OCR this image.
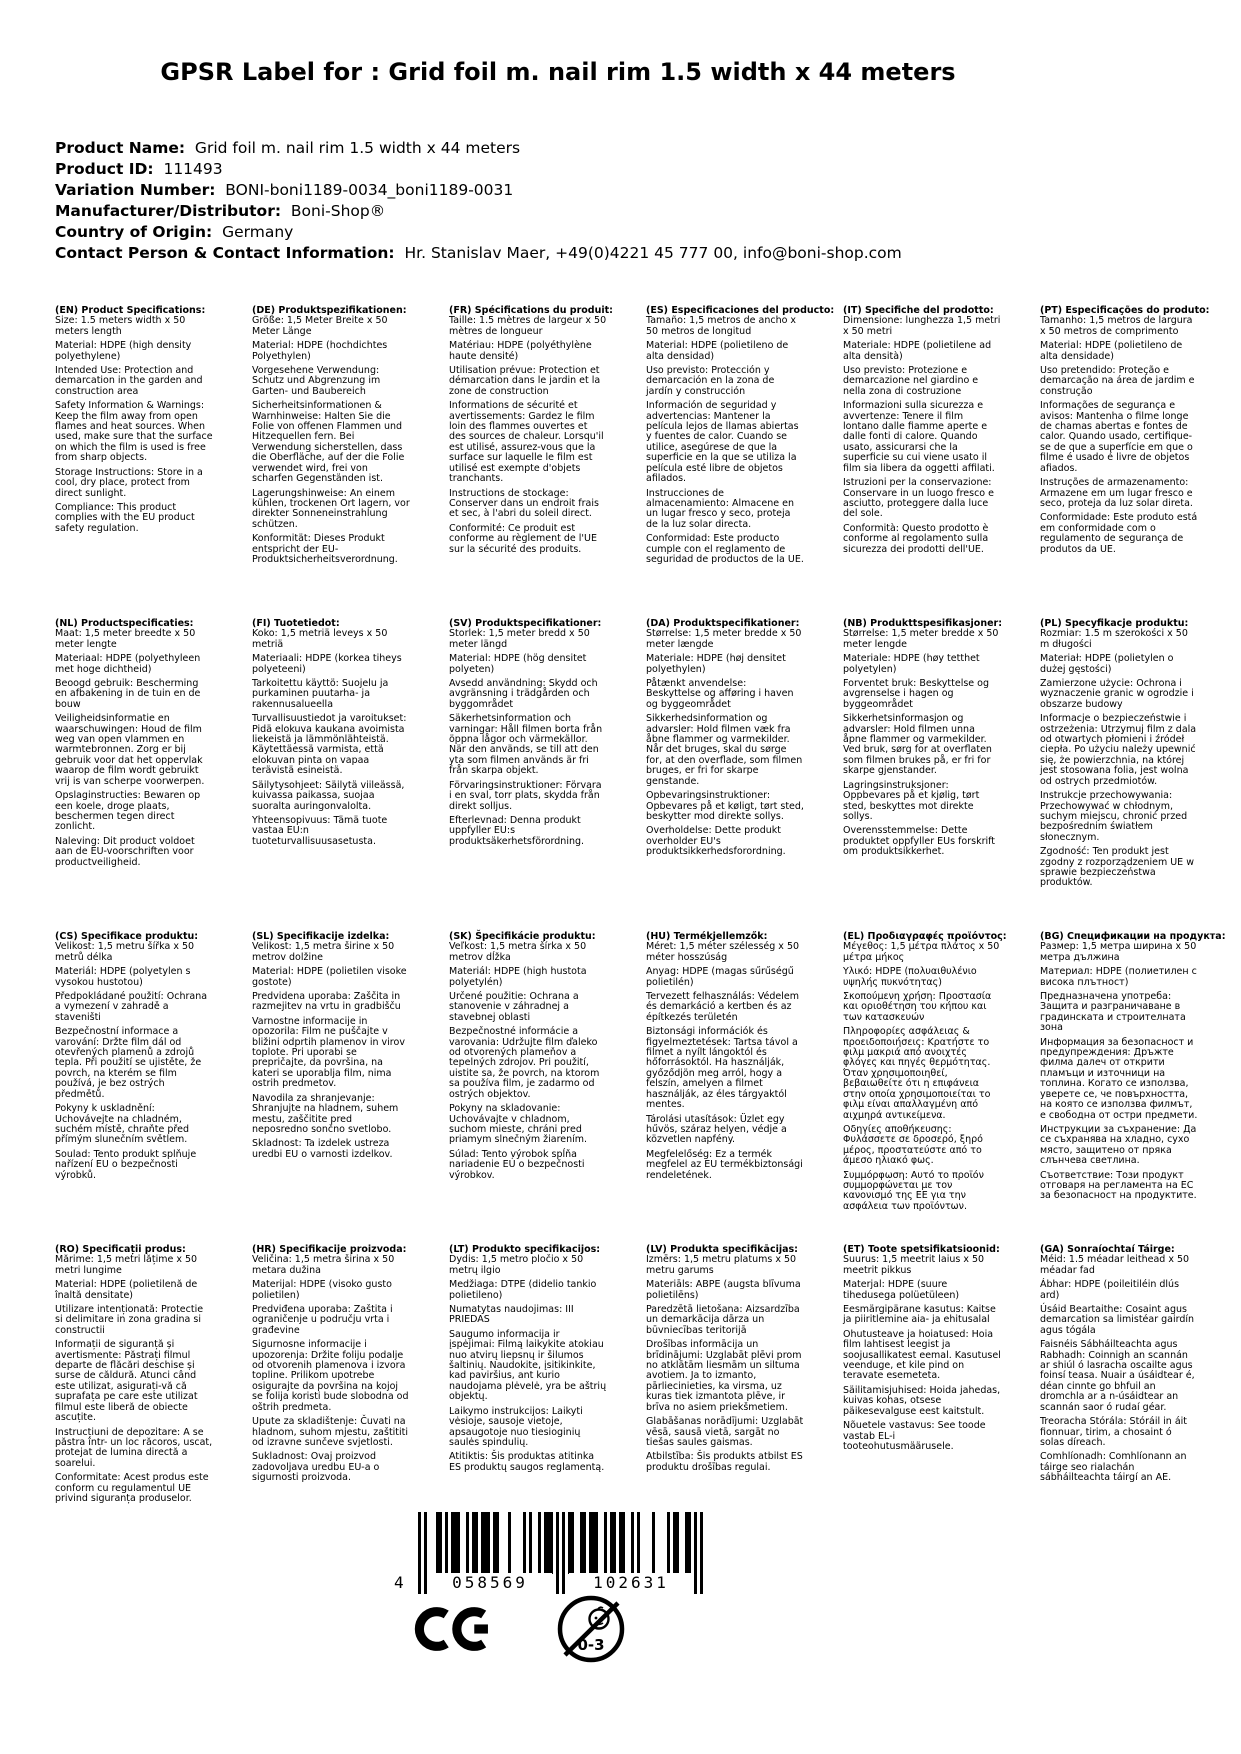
GPSR Label for : Grid foil m. nail rim 1.5 width x 44 meters
Product Name:  Grid foil m. nail rim 1.5 width x 44 meters
Product ID:  111493
Variation Number:  BONI-boni1189-0034_boni1189-0031
Manufacturer/Distributor:  Boni-Shop®
Country of Origin:  Germany
Contact Person & Contact Information:  Hr. Stanislav Maer, +49(0)4221 45 777 00, info@boni-shop.com
(EN) Product Specifications:

Size: 1.5 meters width x 50 meters length

Material: HDPE (high density polyethylene)

Intended Use: Protection and demarcation in the garden and construction area

Safety Information & Warnings: Keep the film away from open flames and heat sources. When used, make sure that the surface on which the film is used is free from sharp objects.

Storage Instructions: Store in a cool, dry place, protect from direct sunlight.

Compliance: This product complies with the EU product safety regulation.

(DE) Produktspezifikationen:

Größe: 1,5 Meter Breite x 50 Meter Länge

Material: HDPE (hochdichtes Polyethylen)

Vorgesehene Verwendung: Schutz und Abgrenzung im Garten- und Baubereich

Sicherheitsinformationen & Warnhinweise: Halten Sie die Folie von offenen Flammen und Hitzequellen fern. Bei Verwendung sicherstellen, dass die Oberfläche, auf der die Folie verwendet wird, frei von scharfen Gegenständen ist.

Lagerungshinweise: An einem kühlen, trockenen Ort lagern, vor direkter Sonneneinstrahlung schützen.

Konformität: Dieses Produkt entspricht der EU-Produktsicherheitsverordnung.

(FR) Spécifications du produit:

Taille: 1.5 mètres de largeur x 50 mètres de longueur

Matériau: HDPE (polyéthylène haute densité)

Utilisation prévue: Protection et démarcation dans le jardin et la zone de construction

Informations de sécurité et avertissements: Gardez le film loin des flammes ouvertes et des sources de chaleur. Lorsqu'il est utilisé, assurez-vous que la surface sur laquelle le film est utilisé est exempte d'objets tranchants.

Instructions de stockage: Conserver dans un endroit frais et sec, à l'abri du soleil direct.

Conformité: Ce produit est conforme au règlement de l'UE sur la sécurité des produits.

(ES) Especificaciones del producto:

Tamaño: 1,5 metros de ancho x 50 metros de longitud

Material: HDPE (polietileno de alta densidad)

Uso previsto: Protección y demarcación en la zona de jardín y construcción

Información de seguridad y advertencias: Mantener la película lejos de llamas abiertas y fuentes de calor. Cuando se utilice, asegúrese de que la superficie en la que se utiliza la película esté libre de objetos afilados.

Instrucciones de almacenamiento: Almacene en un lugar fresco y seco, proteja de la luz solar directa.

Conformidad: Este producto cumple con el reglamento de seguridad de productos de la UE.

(IT) Specifiche del prodotto:

Dimensione: lunghezza 1,5 metri x 50 metri

Materiale: HDPE (polietilene ad alta densità)

Uso previsto: Protezione e demarcazione nel giardino e nella zona di costruzione

Informazioni sulla sicurezza e avvertenze: Tenere il film lontano dalle fiamme aperte e dalle fonti di calore. Quando usato, assicurarsi che la superficie su cui viene usato il film sia libera da oggetti affilati.

Istruzioni per la conservazione: Conservare in un luogo fresco e asciutto, proteggere dalla luce del sole.

Conformità: Questo prodotto è conforme al regolamento sulla sicurezza dei prodotti dell'UE.

(PT) Especificações do produto:

Tamanho: 1,5 metros de largura x 50 metros de comprimento

Material: HDPE (polietileno de alta densidade)

Uso pretendido: Proteção e demarcação na área de jardim e construção

Informações de segurança e avisos: Mantenha o filme longe de chamas abertas e fontes de calor. Quando usado, certifique-se de que a superfície em que o filme é usado é livre de objetos afiados.

Instruções de armazenamento: Armazene em um lugar fresco e seco, proteja da luz solar direta.

Conformidade: Este produto está em conformidade com o regulamento de segurança de produtos da UE.

(NL) Productspecificaties:

Maat: 1,5 meter breedte x 50 meter lengte

Materiaal: HDPE (polyethyleen met hoge dichtheid)

Beoogd gebruik: Bescherming en afbakening in de tuin en de bouw

Veiligheidsinformatie en waarschuwingen: Houd de film weg van open vlammen en warmtebronnen. Zorg er bij gebruik voor dat het oppervlak waarop de film wordt gebruikt vrij is van scherpe voorwerpen.

Opslaginstructies: Bewaren op een koele, droge plaats, beschermen tegen direct zonlicht.

Naleving: Dit product voldoet aan de EU-voorschriften voor productveiligheid.

(FI) Tuotetiedot:

Koko: 1,5 metriä leveys x 50 metriä

Materiaali: HDPE (korkea tiheys polyeteeni)

Tarkoitettu käyttö: Suojelu ja purkaminen puutarha- ja rakennusalueella

Turvallisuustiedot ja varoitukset: Pidä elokuva kaukana avoimista liekeistä ja lämmönlähteistä. Käytettäessä varmista, että elokuvan pinta on vapaa terävistä esineistä.

Säilytysohjeet: Säilytä viileässä, kuivassa paikassa, suojaa suoralta auringonvalolta.

Yhteensopivuus: Tämä tuote vastaa EU:n tuoteturvallisuusasetusta.

(SV) Produktspecifikationer:

Storlek: 1,5 meter bredd x 50 meter längd

Material: HDPE (hög densitet polyeten)

Avsedd användning: Skydd och avgränsning i trädgården och byggområdet

Säkerhetsinformation och varningar: Håll filmen borta från öppna lågor och värmekällor. När den används, se till att den yta som filmen används är fri från skarpa objekt.

Förvaringsinstruktioner: Förvara i en sval, torr plats, skydda från direkt solljus.

Efterlevnad: Denna produkt uppfyller EU:s produktsäkerhetsförordning.

(DA) Produktspecifikationer:

Størrelse: 1,5 meter bredde x 50 meter længde

Materiale: HDPE (høj densitet polyethylen)

Påtænkt anvendelse: Beskyttelse og afføring i haven og byggeområdet

Sikkerhedsinformation og advarsler: Hold filmen væk fra åbne flammer og varmekilder. Når det bruges, skal du sørge for, at den overflade, som filmen bruges, er fri for skarpe genstande.

Opbevaringsinstruktioner: Opbevares på et køligt, tørt sted, beskytter mod direkte sollys.

Overholdelse: Dette produkt overholder EU's produktsikkerhedsforordning.

(NB) Produkttspesifikasjoner:

Størrelse: 1,5 meter bredde x 50 meter lengde

Materiale: HDPE (høy tetthet polyetylen)

Forventet bruk: Beskyttelse og avgrenselse i hagen og byggeområdet

Sikkerhetsinformasjon og advarsler: Hold filmen unna åpne flammer og varmekilder. Ved bruk, sørg for at overflaten som filmen brukes på, er fri for skarpe gjenstander.

Lagringsinstruksjoner: Oppbevares på et kjølig, tørt sted, beskyttes mot direkte sollys.

Overensstemmelse: Dette produktet oppfyller EUs forskrift om produktsikkerhet.

(PL) Specyfikacje produktu:

Rozmiar: 1.5 m szerokości x 50 m długości

Materiał: HDPE (polietylen o dużej gęstości)

Zamierzone użycie: Ochrona i wyznaczenie granic w ogrodzie i obszarze budowy

Informacje o bezpieczeństwie i ostrzeżenia: Utrzymuj film z dala od otwartych płomieni i źródeł ciepła. Po użyciu należy upewnić się, że powierzchnia, na której jest stosowana folia, jest wolna od ostrych przedmiotów.

Instrukcje przechowywania: Przechowywać w chłodnym, suchym miejscu, chronić przed bezpośrednim światłem słonecznym.

Zgodność: Ten produkt jest zgodny z rozporządzeniem UE w sprawie bezpieczeństwa produktów.

(CS) Specifikace produktu:

Velikost: 1,5 metru šířka x 50 metrů délka

Materiál: HDPE (polyetylen s vysokou hustotou)

Předpokládané použití: Ochrana a vymezení v zahradě a staveništi

Bezpečnostní informace a varování: Držte film dál od otevřených plamenů a zdrojů tepla. Při použití se ujistěte, že povrch, na kterém se film používá, je bez ostrých předmětů.

Pokyny k uskladnění: Uchovávejte na chladném, suchém místě, chraňte před přímým slunečním světlem.

Soulad: Tento produkt splňuje nařízení EU o bezpečnosti výrobků.

(SL) Specifikacije izdelka:

Velikost: 1,5 metra širine x 50 metrov dolžine

Material: HDPE (polietilen visoke gostote)

Predvidena uporaba: Zaščita in razmejitev na vrtu in gradbišču

Varnostne informacije in opozorila: Film ne puščajte v bližini odprtih plamenov in virov toplote. Pri uporabi se prepričajte, da površina, na kateri se uporablja film, nima ostrih predmetov.

Navodila za shranjevanje: Shranjujte na hladnem, suhem mestu, zaščitite pred neposredno sončno svetlobo.

Skladnost: Ta izdelek ustreza uredbi EU o varnosti izdelkov.

(SK) Špecifikácie produktu:

Veľkost: 1,5 metra šírka x 50 metrov dĺžka

Materiál: HDPE (high hustota polyetylén)

Určené použitie: Ochrana a stanovenie v záhradnej a stavebnej oblasti

Bezpečnostné informácie a varovania: Udržujte film ďaleko od otvorených plameňov a tepelných zdrojov. Pri použití, uistite sa, že povrch, na ktorom sa používa film, je zadarmo od ostrých objektov.

Pokyny na skladovanie: Uchovávajte v chladnom, suchom mieste, chráni pred priamym slnečným žiarením.

Súlad: Tento výrobok spĺňa nariadenie EÚ o bezpečnosti výrobkov.

(HU) Termékjellemzők:

Méret: 1,5 méter szélesség x 50 méter hosszúság

Anyag: HDPE (magas sűrűségű polietilén)

Tervezett felhasználás: Védelem és demarkáció a kertben és az építkezés területén

Biztonsági információk és figyelmeztetések: Tartsa távol a filmet a nyílt lángoktól és hőforrásoktól. Ha használják, győződjön meg arról, hogy a felszín, amelyen a filmet használják, az éles tárgyaktól mentes.

Tárolási utasítások: Üzlet egy hűvös, száraz helyen, védje a közvetlen napfény.

Megfelelőség: Ez a termék megfelel az EU termékbiztonsági rendeletének.

(EL) Προδιαγραφές προϊόντος:

Μέγεθος: 1,5 μέτρα πλάτος x 50 μέτρα μήκος

Υλικό: HDPE (πολυαιθυλένιο υψηλής πυκνότητας)

Σκοπούμενη χρήση: Προστασία και οριοθέτηση του κήπου και των κατασκευών

Πληροφορίες ασφάλειας & προειδοποιήσεις: Κρατήστε το φιλμ μακριά από ανοιχτές φλόγες και πηγές θερμότητας. Όταν χρησιμοποιηθεί, βεβαιωθείτε ότι η επιφάνεια στην οποία χρησιμοποιείται το φιλμ είναι απαλλαγμένη από αιχμηρά αντικείμενα.

Οδηγίες αποθήκευσης: Φυλάσσετε σε δροσερό, ξηρό μέρος, προστατεύστε από το άμεσο ηλιακό φως.

Συμμόρφωση: Αυτό το προϊόν συμμορφώνεται με τον κανονισμό της ΕΕ για την ασφάλεια των προϊόντων.

(BG) Спецификации на продукта:

Размер: 1,5 метра ширина x 50 метра дължина

Материал: HDPE (полиетилен с висока плътност)

Предназначена употреба: Защита и разграничаване в градинската и строителната зона

Информация за безопасност и предупреждения: Дръжте филма далеч от открити пламъци и източници на топлина. Когато се използва, уверете се, че повърхността, на която се използва филмът, е свободна от остри предмети.

Инструкции за съхранение: Да се съхранява на хладно, сухо място, защитено от пряка слънчева светлина.

Съответствие: Този продукт отговаря на регламента на ЕС за безопасност на продуктите.

(RO) Specificații produs:

Mărime: 1,5 metri lățime x 50 metri lungime

Material: HDPE (polietilenă de înaltă densitate)

Utilizare intenționată: Protectie si delimitare in zona gradina si constructii

Informații de siguranță și avertismente: Păstrați filmul departe de flăcări deschise și surse de căldură. Atunci când este utilizat, asigurați-vă că suprafața pe care este utilizat filmul este liberă de obiecte ascuțite.

Instrucțiuni de depozitare: A se păstra într- un loc răcoros, uscat, protejat de lumina directă a soarelui.

Conformitate: Acest produs este conform cu regulamentul UE privind siguranța produselor.

(HR) Specifikacije proizvoda:

Veličina: 1,5 metra širina x 50 metara dužina

Materijal: HDPE (visoko gusto polietilen)

Predviđena uporaba: Zaštita i ograničenje u području vrta i građevine

Sigurnosne informacije i upozorenja: Držite foliju podalje od otvorenih plamenova i izvora topline. Prilikom upotrebe osigurajte da površina na kojoj se folija koristi bude slobodna od oštrih predmeta.

Upute za skladištenje: Čuvati na hladnom, suhom mjestu, zaštititi od izravne sunčeve svjetlosti.

Sukladnost: Ovaj proizvod zadovoljava uredbu EU-a o sigurnosti proizvoda.

(LT) Produkto specifikacijos:

Dydis: 1,5 metro pločio x 50 metrų ilgio

Medžiaga: DTPE (didelio tankio polietileno)

Numatytas naudojimas: III PRIEDAS

Saugumo informacija ir įspėjimai: Filmą laikykite atokiau nuo atvirų liepsnų ir šilumos šaltinių. Naudokite, įsitikinkite, kad paviršius, ant kurio naudojama plėvelė, yra be aštrių objektų.

Laikymo instrukcijos: Laikyti vėsioje, sausoje vietoje, apsaugotoje nuo tiesioginių saulės spindulių.

Atitiktis: Šis produktas atitinka ES produktų saugos reglamentą.

(LV) Produkta specifikācijas:

Izmērs: 1,5 metru platums x 50 metru garums

Materiāls: ABPE (augsta blīvuma polietilēns)

Paredzētā lietošana: Aizsardzība un demarkācija dārza un būvniecības teritorijā

Drošības informācija un brīdinājumi: Uzglabāt plēvi prom no atklātām liesmām un siltuma avotiem. Ja to izmanto, pārliecinieties, ka virsma, uz kuras tiek izmantota plēve, ir brīva no asiem priekšmetiem.

Glabāšanas norādījumi: Uzglabāt vēsā, sausā vietā, sargāt no tiešas saules gaismas.

Atbilstība: Šis produkts atbilst ES produktu drošības regulai.

(ET) Toote spetsifikatsioonid:

Suurus: 1,5 meetrit laius x 50 meetrit pikkus

Materjal: HDPE (suure tihedusega polüetüleen)

Eesmärgipärane kasutus: Kaitse ja piiritlemine aia- ja ehitusalal

Ohutusteave ja hoiatused: Hoia film lahtisest leegist ja soojusallikatest eemal. Kasutusel veenduge, et kile pind on teravate esemeteta.

Säilitamisjuhised: Hoida jahedas, kuivas kohas, otsese päikesevalguse eest kaitstult.

Nõuetele vastavus: See toode vastab EL-i tooteohutusmäärusele.

(GA) Sonraíochtaí Táirge:

Méid: 1.5 méadar leithead x 50 méadar fad

Ábhar: HDPE (poileitiléin dlús ard)

Úsáid Beartaithe: Cosaint agus demarcation sa limistéar gairdín agus tógála

Faisnéis Sábháilteachta agus Rabhadh: Coinnigh an scannán ar shiúl ó lasracha oscailte agus foinsí teasa. Nuair a úsáidtear é, déan cinnte go bhfuil an dromchla ar a n-úsáidtear an scannán saor ó rudaí géar.

Treoracha Stórála: Stóráil in áit fionnuar, tirim, a chosaint ó solas díreach.

Comhlíonadh: Comhlíonann an táirge seo rialachán sábháilteachta táirgí an AE.

4	058569	102631
0-3
